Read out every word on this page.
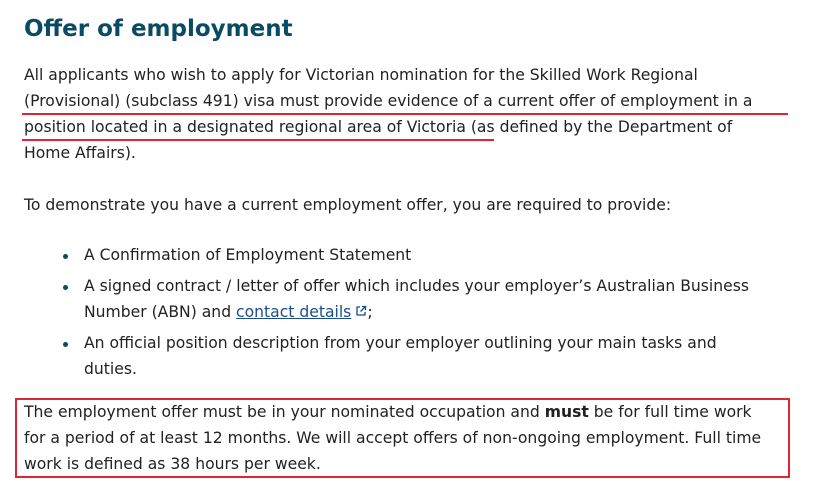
Offer of employment
All applicants who wish to apply for Victorian nomination for the Skilled Work Regional
(Provisional) (subclass 491) visa must provide evidence of a current offer of employment in a
position located in a designated regional area of Victoria (as defined by the Department of
Home Affairs).
To demonstrate you have a current employment offer, you are required to provide:
A Confirmation of Employment Statement
A signed contract / letter of offer which includes your employer’s Australian Business
Number (ABN) and contact details ;
An official position description from your employer outlining your main tasks and
duties.
The employment offer must be in your nominated occupation and must be for full time work
for a period of at least 12 months. We will accept offers of non-ongoing employment. Full time
work is defined as 38 hours per week.
